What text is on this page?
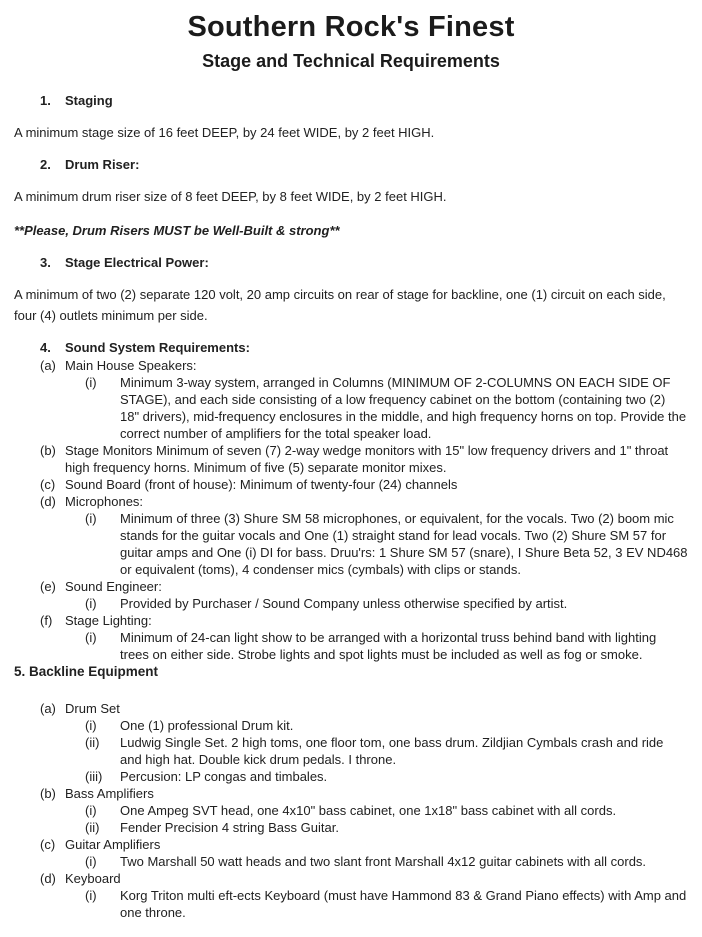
Southern Rock's Finest
Stage and Technical Requirements
1.	Staging

A minimum stage size of 16 feet DEEP, by 24 feet WIDE, by 2 feet HIGH.

2.	Drum Riser:

A minimum drum riser size of 8 feet DEEP, by 8 feet WIDE, by 2 feet HIGH.

**Please, Drum Risers MUST be Well-Built & strong**

3.	Stage Electrical Power:

A minimum of two (2) separate 120 volt, 20 amp circuits on rear of stage for backline, one (1) circuit on each side, four (4) outlets minimum per side.

4.	Sound System Requirements:
(a) Main House Speakers:
(i)	Minimum 3-way system, arranged in Columns (MINIMUM OF 2-COLUMNS ON EACH SIDE OF STAGE), and each side consisting of a low frequency cabinet on the bottom (containing two (2) 18" drivers), mid-frequency enclosures in the middle, and high frequency horns on top. Provide the correct number of amplifiers for the total speaker load.
(b) Stage Monitors Minimum of seven (7) 2-way wedge monitors with 15" low frequency drivers and 1" throat high frequency horns. Minimum of five (5) separate monitor mixes.
(c) Sound Board (front of house): Minimum of twenty-four (24) channels
(d) Microphones:
(i)	Minimum of three (3) Shure SM 58 microphones, or equivalent, for the vocals. Two (2) boom mic stands for the guitar vocals and One (1) straight stand for lead vocals. Two (2) Shure SM 57 for guitar amps and One (i) DI for bass. Druu'rs: 1 Shure SM 57 (snare), I Shure Beta 52, 3 EV ND468 or equivalent (toms), 4 condenser mics (cymbals) with clips or stands.
(e) Sound Engineer:
(i)	Provided by Purchaser / Sound Company unless otherwise specified by artist.
(f) Stage Lighting:
(i)	Minimum of 24-can light show to be arranged with a horizontal truss behind band with lighting trees on either side. Strobe lights and spot lights must be included as well as fog or smoke.

5. Backline Equipment

(a) Drum Set
(i)	One (1) professional Drum kit.
(ii)	Ludwig Single Set. 2 high toms, one floor tom, one bass drum. Zildjian Cymbals crash and ride and high hat. Double kick drum pedals. I throne.
(iii)	Percusion: LP congas and timbales.
(b) Bass Amplifiers
(i)	One Ampeg SVT head, one 4x10" bass cabinet, one 1x18" bass cabinet with all cords.
(ii)	Fender Precision 4 string Bass Guitar.
(c) Guitar Amplifiers
(i)	Two Marshall 50 watt heads and two slant front Marshall 4x12 guitar cabinets with all cords.
(d) Keyboard
(i)	Korg Triton multi eft-ects Keyboard (must have Hammond 83 & Grand Piano effects) with Amp and one throne.
